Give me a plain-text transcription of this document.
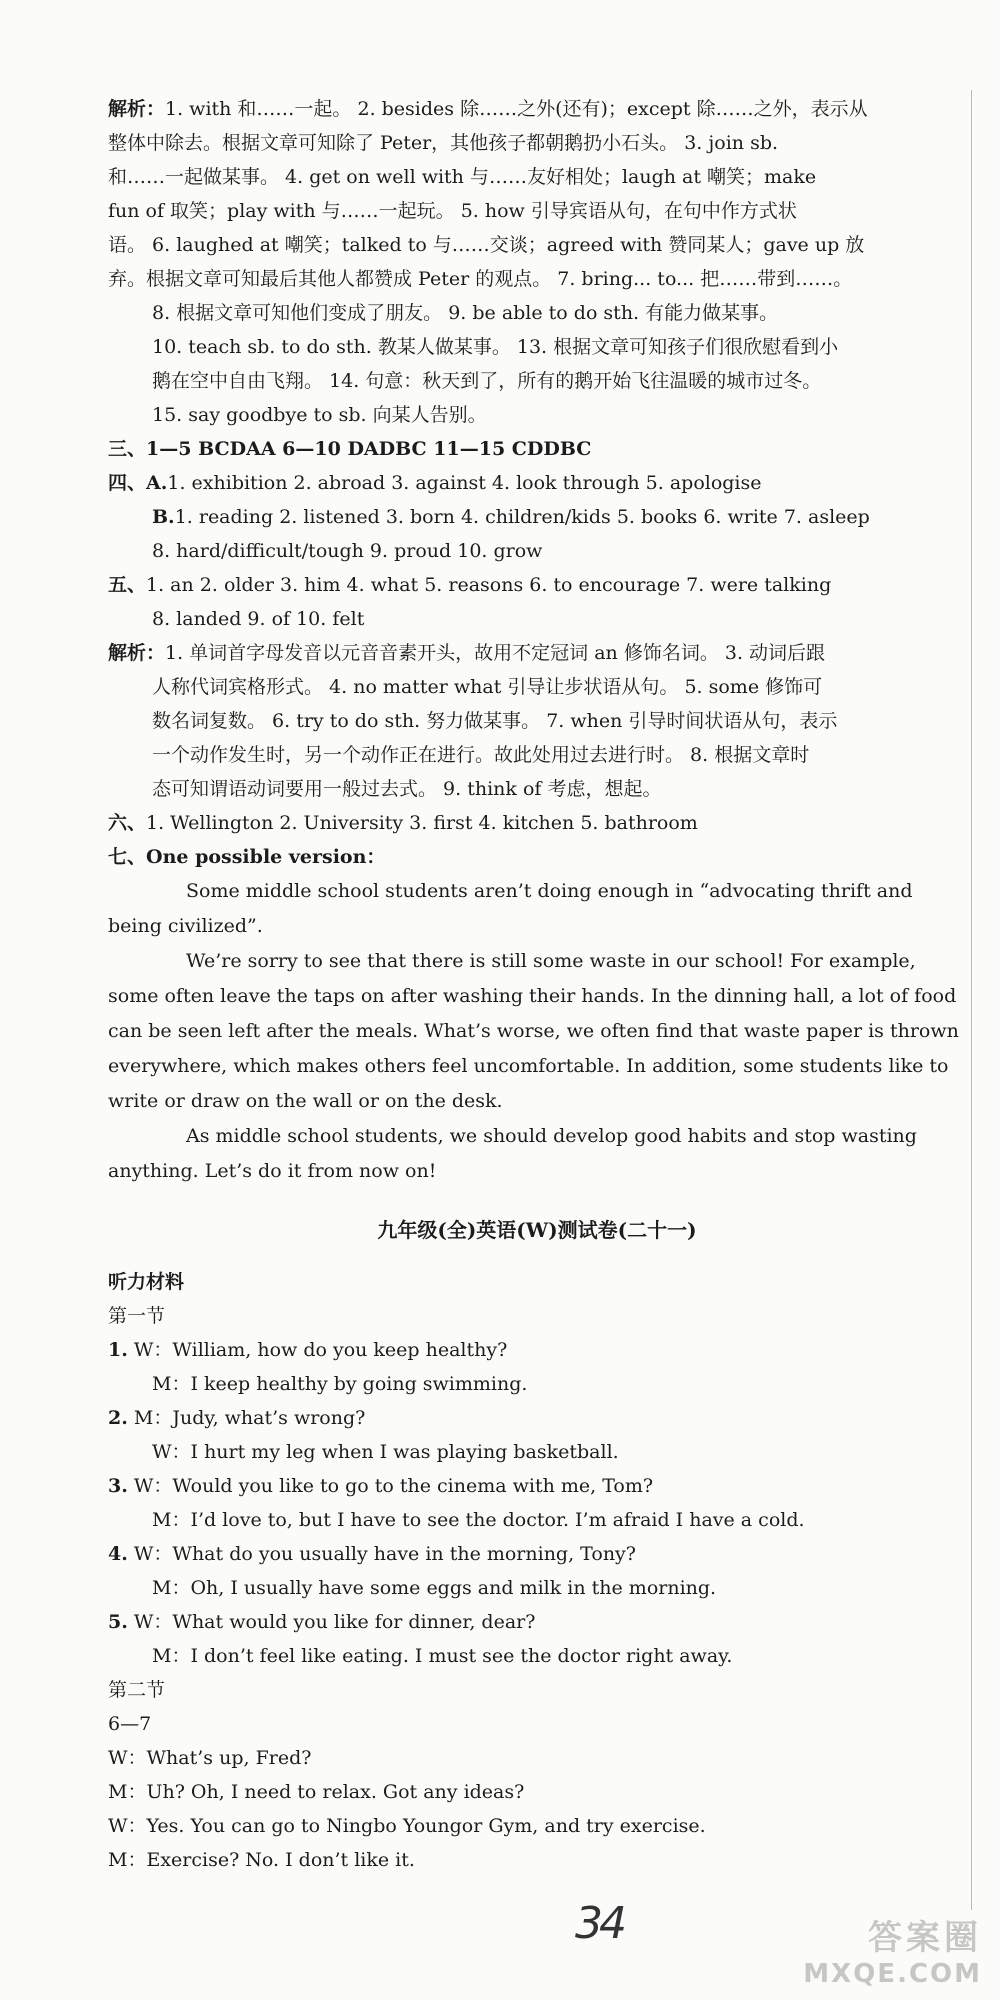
解析：1. with 和……一起。 2. besides 除……之外(还有)；except 除……之外，表示从
整体中除去。根据文章可知除了 Peter，其他孩子都朝鹅扔小石头。 3. join sb.
和……一起做某事。 4. get on well with 与……友好相处；laugh at 嘲笑；make
fun of 取笑；play with 与……一起玩。 5. how 引导宾语从句，在句中作方式状
语。 6. laughed at 嘲笑；talked to 与……交谈；agreed with 赞同某人；gave up 放
弃。根据文章可知最后其他人都赞成 Peter 的观点。 7. bring... to... 把……带到……。
8. 根据文章可知他们变成了朋友。 9. be able to do sth. 有能力做某事。
10. teach sb. to do sth. 教某人做某事。 13. 根据文章可知孩子们很欣慰看到小
鹅在空中自由飞翔。 14. 句意：秋天到了，所有的鹅开始飞往温暖的城市过冬。
15. say goodbye to sb. 向某人告别。
三、1—5 BCDAA 6—10 DADBC 11—15 CDDBC
四、A.1. exhibition 2. abroad 3. against 4. look through 5. apologise
B.1. reading 2. listened 3. born 4. children/kids 5. books 6. write 7. asleep
8. hard/difficult/tough 9. proud 10. grow
五、1. an 2. older 3. him 4. what 5. reasons 6. to encourage 7. were talking
8. landed 9. of 10. felt
解析：1. 单词首字母发音以元音音素开头，故用不定冠词 an 修饰名词。 3. 动词后跟
人称代词宾格形式。 4. no matter what 引导让步状语从句。 5. some 修饰可
数名词复数。 6. try to do sth. 努力做某事。 7. when 引导时间状语从句，表示
一个动作发生时，另一个动作正在进行。故此处用过去进行时。 8. 根据文章时
态可知谓语动词要用一般过去式。 9. think of 考虑，想起。
六、1. Wellington 2. University 3. first 4. kitchen 5. bathroom
七、One possible version：
Some middle school students aren’t doing enough in “advocating thrift and being civilized”.
We’re sorry to see that there is still some waste in our school! For example, some often leave the taps on after washing their hands. In the dinning hall, a lot of food can be seen left after the meals. What’s worse, we often find that waste paper is thrown everywhere, which makes others feel uncomfortable. In addition, some students like to write or draw on the wall or on the desk.
As middle school students, we should develop good habits and stop wasting anything. Let’s do it from now on!
九年级(全)英语(W)测试卷(二十一)
听力材料
第一节
1. W：William, how do you keep healthy?
M：I keep healthy by going swimming.
2. M：Judy, what’s wrong?
W：I hurt my leg when I was playing basketball.
3. W：Would you like to go to the cinema with me, Tom?
M：I’d love to, but I have to see the doctor. I’m afraid I have a cold.
4. W：What do you usually have in the morning, Tony?
M：Oh, I usually have some eggs and milk in the morning.
5. W：What would you like for dinner, dear?
M：I don’t feel like eating. I must see the doctor right away.
第二节
6—7
W：What’s up, Fred?
M：Uh? Oh, I need to relax. Got any ideas?
W：Yes. You can go to Ningbo Youngor Gym, and try exercise.
M：Exercise? No. I don’t like it.
34	答案圈
MXQE.COM
